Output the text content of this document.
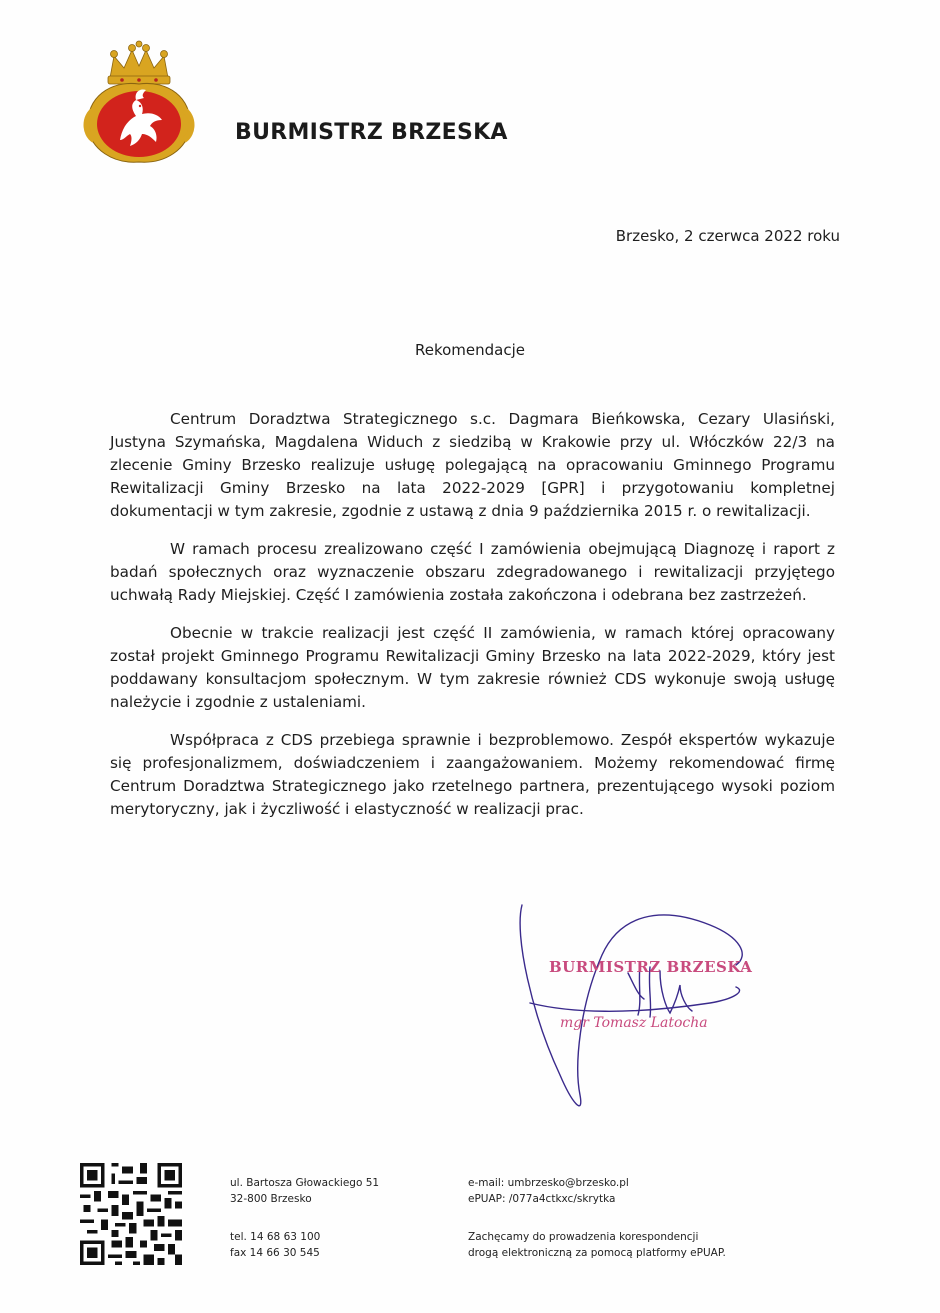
BURMISTRZ BRZESKA
Brzesko, 2 czerwca 2022 roku
Rekomendacje

Centrum Doradztwa Strategicznego s.c. Dagmara Bieńkowska, Cezary Ulasiński, Justyna Szymańska, Magdalena Widuch z siedzibą w Krakowie przy ul. Włóczków 22/3 na zlecenie Gminy Brzesko realizuje usługę polegającą na opracowaniu Gminnego Programu Rewitalizacji Gminy Brzesko na lata 2022-2029 [GPR] i przygotowaniu kompletnej dokumentacji w tym zakresie, zgodnie z ustawą z dnia 9 października 2015 r. o rewitalizacji.

W ramach procesu zrealizowano część I zamówienia obejmującą Diagnozę i raport z badań społecznych oraz wyznaczenie obszaru zdegradowanego i rewitalizacji przyjętego uchwałą Rady Miejskiej. Część I zamówienia została zakończona i odebrana bez zastrzeżeń.

Obecnie w trakcie realizacji jest część II zamówienia, w ramach której opracowany został projekt Gminnego Programu Rewitalizacji Gminy Brzesko na lata 2022-2029, który jest poddawany konsultacjom społecznym. W tym zakresie również CDS wykonuje swoją usługę należycie i zgodnie z ustaleniami.

Współpraca z CDS przebiega sprawnie i bezproblemowo. Zespół ekspertów wykazuje się profesjonalizmem, doświadczeniem i zaangażowaniem. Możemy rekomendować firmę Centrum Doradztwa Strategicznego jako rzetelnego partnera, prezentującego wysoki poziom merytoryczny, jak i życzliwość i elastyczność w realizacji prac.

BURMISTRZ BRZESKA
mgr Tomasz Latocha
ul. Bartosza Głowackiego 51
32-800 Brzesko
tel. 14 68 63 100
fax 14 66 30 545
e-mail: umbrzesko@brzesko.pl
ePUAP: /077a4ctkxc/skrytka
Zachęcamy do prowadzenia korespondencji
drogą elektroniczną za pomocą platformy ePUAP.
